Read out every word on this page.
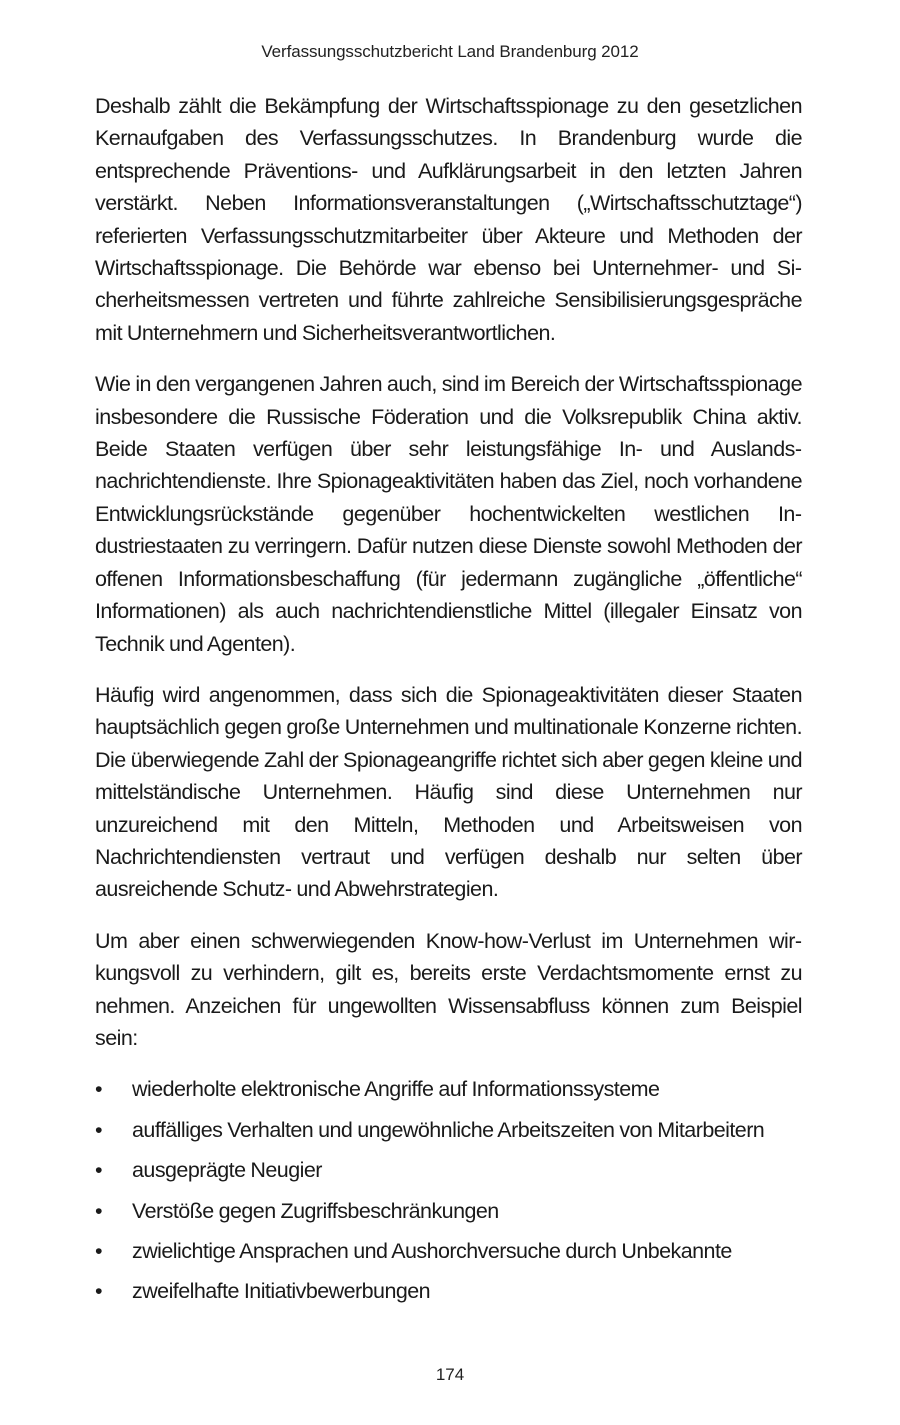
Verfassungsschutzbericht Land Brandenburg 2012

Deshalb zählt die Bekämpfung der Wirtschaftsspionage zu den gesetzlichen Kernaufgaben des Verfassungsschutzes. In Brandenburg wurde die entsprechende Präventions- und Aufklärungsarbeit in den letzten Jahren verstärkt. Neben Informationsveranstaltungen („Wirtschaftsschutztage“) referierten Verfassungsschutzmitarbeiter über Akteure und Methoden der Wirtschaftsspionage. Die Behörde war ebenso bei Unternehmer- und Sicherheitsmessen vertreten und führte zahlreiche Sensibilisierungsgespräche mit Unternehmern und Sicherheitsverantwortlichen.

Wie in den vergangenen Jahren auch, sind im Bereich der Wirtschaftsspionage insbesondere die Russische Föderation und die Volksrepublik China aktiv. Beide Staaten verfügen über sehr leistungsfähige In- und Auslandsnachrichtendienste. Ihre Spionageaktivitäten haben das Ziel, noch vorhandene Entwicklungsrückstände gegenüber hochentwickelten westlichen Industriestaaten zu verringern. Dafür nutzen diese Dienste sowohl Methoden der offenen Informationsbeschaffung (für jedermann zugängliche „öffentliche“ Informationen) als auch nachrichtendienstliche Mittel (illegaler Einsatz von Technik und Agenten).

Häufig wird angenommen, dass sich die Spionageaktivitäten dieser Staaten hauptsächlich gegen große Unternehmen und multinationale Konzerne richten. Die überwiegende Zahl der Spionageangriffe richtet sich aber gegen kleine und mittelständische Unternehmen. Häufig sind diese Unternehmen nur unzureichend mit den Mitteln, Methoden und Arbeitsweisen von Nachrichtendiensten vertraut und verfügen deshalb nur selten über ausreichende Schutz- und Abwehrstrategien.

Um aber einen schwerwiegenden Know-how-Verlust im Unternehmen wirkungsvoll zu verhindern, gilt es, bereits erste Verdachtsmomente ernst zu nehmen. Anzeichen für ungewollten Wissensabfluss können zum Beispiel sein:

• wiederholte elektronische Angriffe auf Informationssysteme
• auffälliges Verhalten und ungewöhnliche Arbeitszeiten von Mitarbeitern
• ausgeprägte Neugier
• Verstöße gegen Zugriffsbeschränkungen
• zwielichtige Ansprachen und Aushorchversuche durch Unbekannte
• zweifelhafte Initiativbewerbungen
174
